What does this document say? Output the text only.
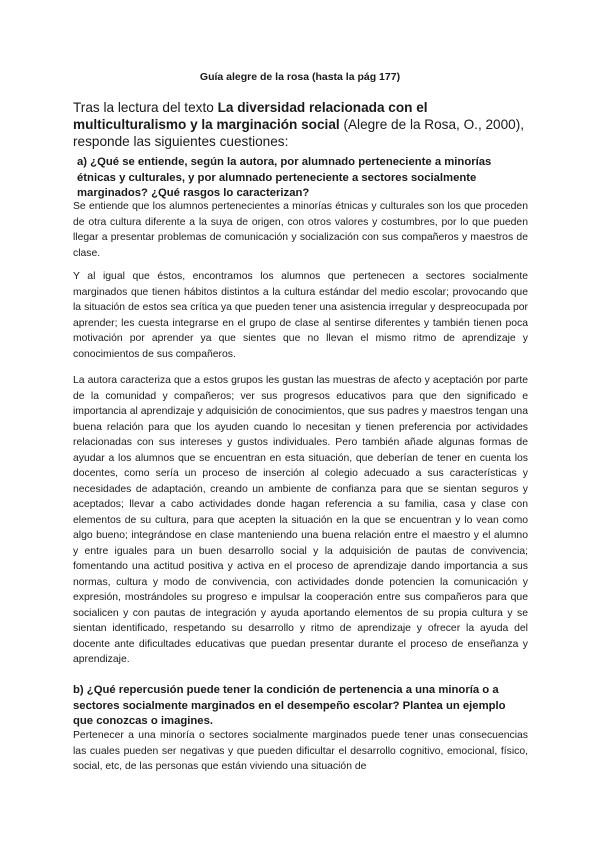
Guía alegre de la rosa (hasta la pág 177)
Tras la lectura del texto La diversidad relacionada con el multiculturalismo y la marginación social (Alegre de la Rosa, O., 2000), responde las siguientes cuestiones:
a) ¿Qué se entiende, según la autora, por alumnado perteneciente a minorías étnicas y culturales, y por alumnado perteneciente a sectores socialmente marginados? ¿Qué rasgos lo caracterizan?

Se entiende que los alumnos pertenecientes a minorías étnicas y culturales son los que proceden de otra cultura diferente a la suya de origen, con otros valores y costumbres, por lo que pueden llegar a presentar problemas de comunicación y socialización con sus compañeros y maestros de clase.

Y al igual que éstos, encontramos los alumnos que pertenecen a sectores socialmente marginados que tienen hábitos distintos a la cultura estándar del medio escolar; provocando que la situación de estos sea crítica ya que pueden tener una asistencia irregular y despreocupada por aprender; les cuesta integrarse en el grupo de clase al sentirse diferentes y también tienen poca motivación por aprender ya que sientes que no llevan el mismo ritmo de aprendizaje y conocimientos de sus compañeros.

La autora caracteriza que a estos grupos les gustan las muestras de afecto y aceptación por parte de la comunidad y compañeros; ver sus progresos educativos para que den significado e importancia al aprendizaje y adquisición de conocimientos, que sus padres y maestros tengan una buena relación para que los ayuden cuando lo necesitan y tienen preferencia por actividades relacionadas con sus intereses y gustos individuales. Pero también añade algunas formas de ayudar a los alumnos que se encuentran en esta situación, que deberían de tener en cuenta los docentes, como sería un proceso de inserción al colegio adecuado a sus características y necesidades de adaptación, creando un ambiente de confianza para que se sientan seguros y aceptados; llevar a cabo actividades donde hagan referencia a su familia, casa y clase con elementos de su cultura, para que acepten la situación en la que se encuentran y lo vean como algo bueno; integrándose en clase manteniendo una buena relación entre el maestro y el alumno y entre iguales para un buen desarrollo social y la adquisición de pautas de convivencia; fomentando una actitud positiva y activa en el proceso de aprendizaje dando importancia a sus normas, cultura y modo de convivencia, con actividades donde potencien la comunicación y expresión, mostrándoles su progreso e impulsar la cooperación entre sus compañeros para que socialicen y con pautas de integración y ayuda aportando elementos de su propia cultura y se sientan identificado, respetando su desarrollo y ritmo de aprendizaje y ofrecer la ayuda del docente ante dificultades educativas que puedan presentar durante el proceso de enseñanza y aprendizaje.

b) ¿Qué repercusión puede tener la condición de pertenencia a una minoría o a sectores socialmente marginados en el desempeño escolar? Plantea un ejemplo
que conozcas o imagines.

Pertenecer a una minoría o sectores socialmente marginados puede tener unas consecuencias las cuales pueden ser negativas y que pueden dificultar el desarrollo cognitivo, emocional, físico, social, etc, de las personas que están viviendo una situación de
